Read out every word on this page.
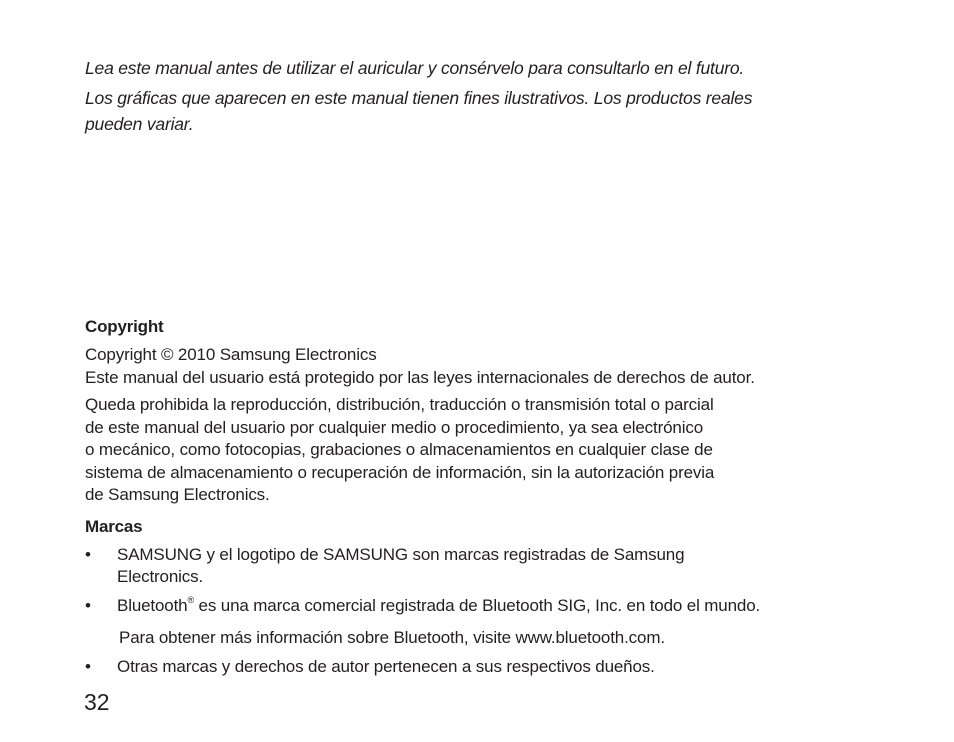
Lea este manual antes de utilizar el auricular y consérvelo para consultarlo en el futuro.

Los gráficas que aparecen en este manual tienen fines ilustrativos. Los productos reales

pueden variar.

Copyright

Copyright © 2010 Samsung Electronics

Este manual del usuario está protegido por las leyes internacionales de derechos de autor.

Queda prohibida la reproducción, distribución, traducción o transmisión total o parcial

de este manual del usuario por cualquier medio o procedimiento, ya sea electrónico

o mecánico, como fotocopias, grabaciones o almacenamientos en cualquier clase de

sistema de almacenamiento o recuperación de información, sin la autorización previa

de Samsung Electronics.

Marcas
• SAMSUNG y el logotipo de SAMSUNG son marcas registradas de Samsung
Electronics.
• Bluetooth® es una marca comercial registrada de Bluetooth SIG, Inc. en todo el mundo.
Para obtener más información sobre Bluetooth, visite www.bluetooth.com.
• Otras marcas y derechos de autor pertenecen a sus respectivos dueños.
32
